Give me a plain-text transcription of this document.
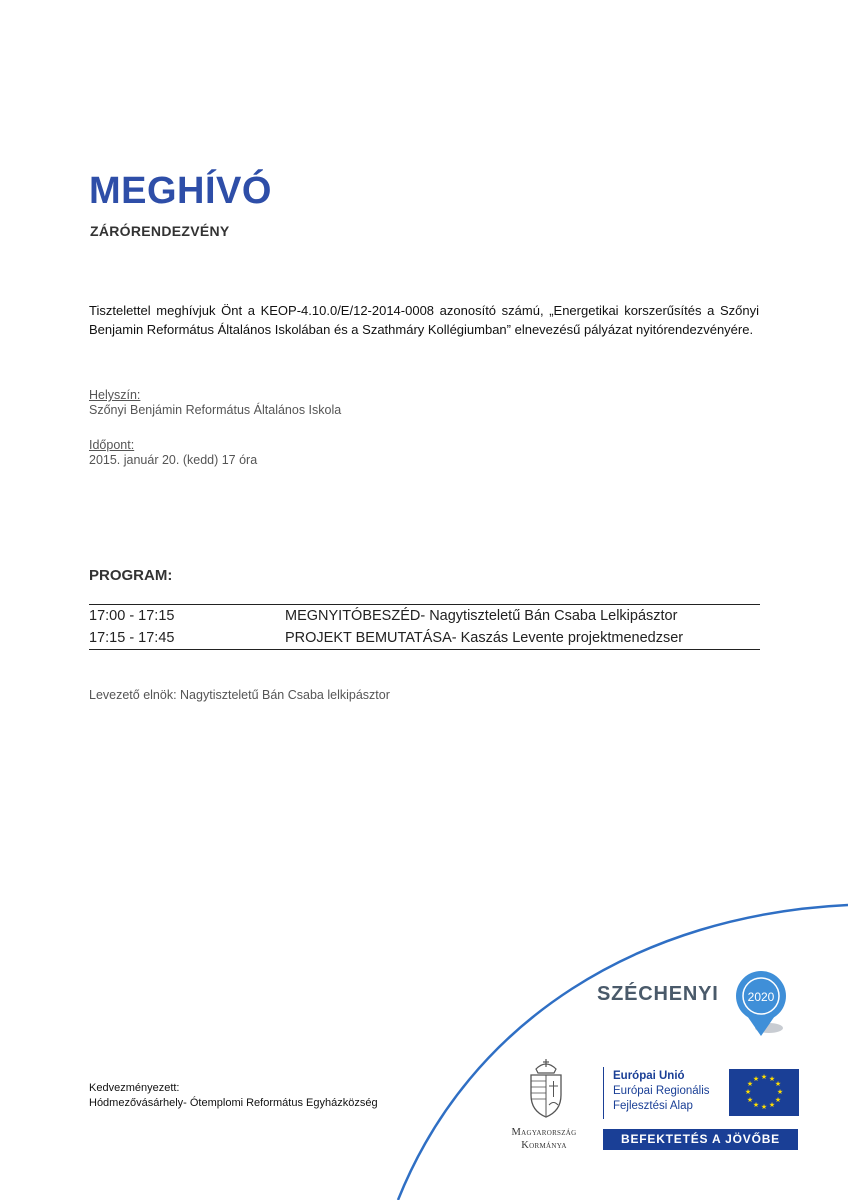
MEGHÍVÓ
ZÁRÓRENDEZVÉNY

Tisztelettel meghívjuk Önt a KEOP-4.10.0/E/12-2014-0008 azonosító számú, „Energetikai korszerűsítés a Szőnyi Benjamin Református Általános Iskolában és a Szathmáry Kollégiumban” elnevezésű pályázat nyitórendezvényére.

Helyszín:
Szőnyi Benjámin Református Általános Iskola
Időpont:
2015. január 20. (kedd) 17 óra
PROGRAM:
17:00 - 17:15	MEGNYITÓBESZÉD- Nagytiszteletű Bán Csaba Lelkipásztor
17:15 - 17:45	PROJEKT BEMUTATÁSA- Kaszás Levente projektmenedzser
Levezető elnök: Nagytiszteletű Bán Csaba lelkipásztor
Kedvezményezett:
Hódmezővásárhely- Ótemplomi Református Egyházközség
SZÉCHENYI 2020
Magyarország
Kormánya
Európai Unió
Európai Regionális
Fejlesztési Alap
★ ★
★
★
★
★
★
★
★
★
★
★
BEFEKTETÉS A JÖVŐBE
